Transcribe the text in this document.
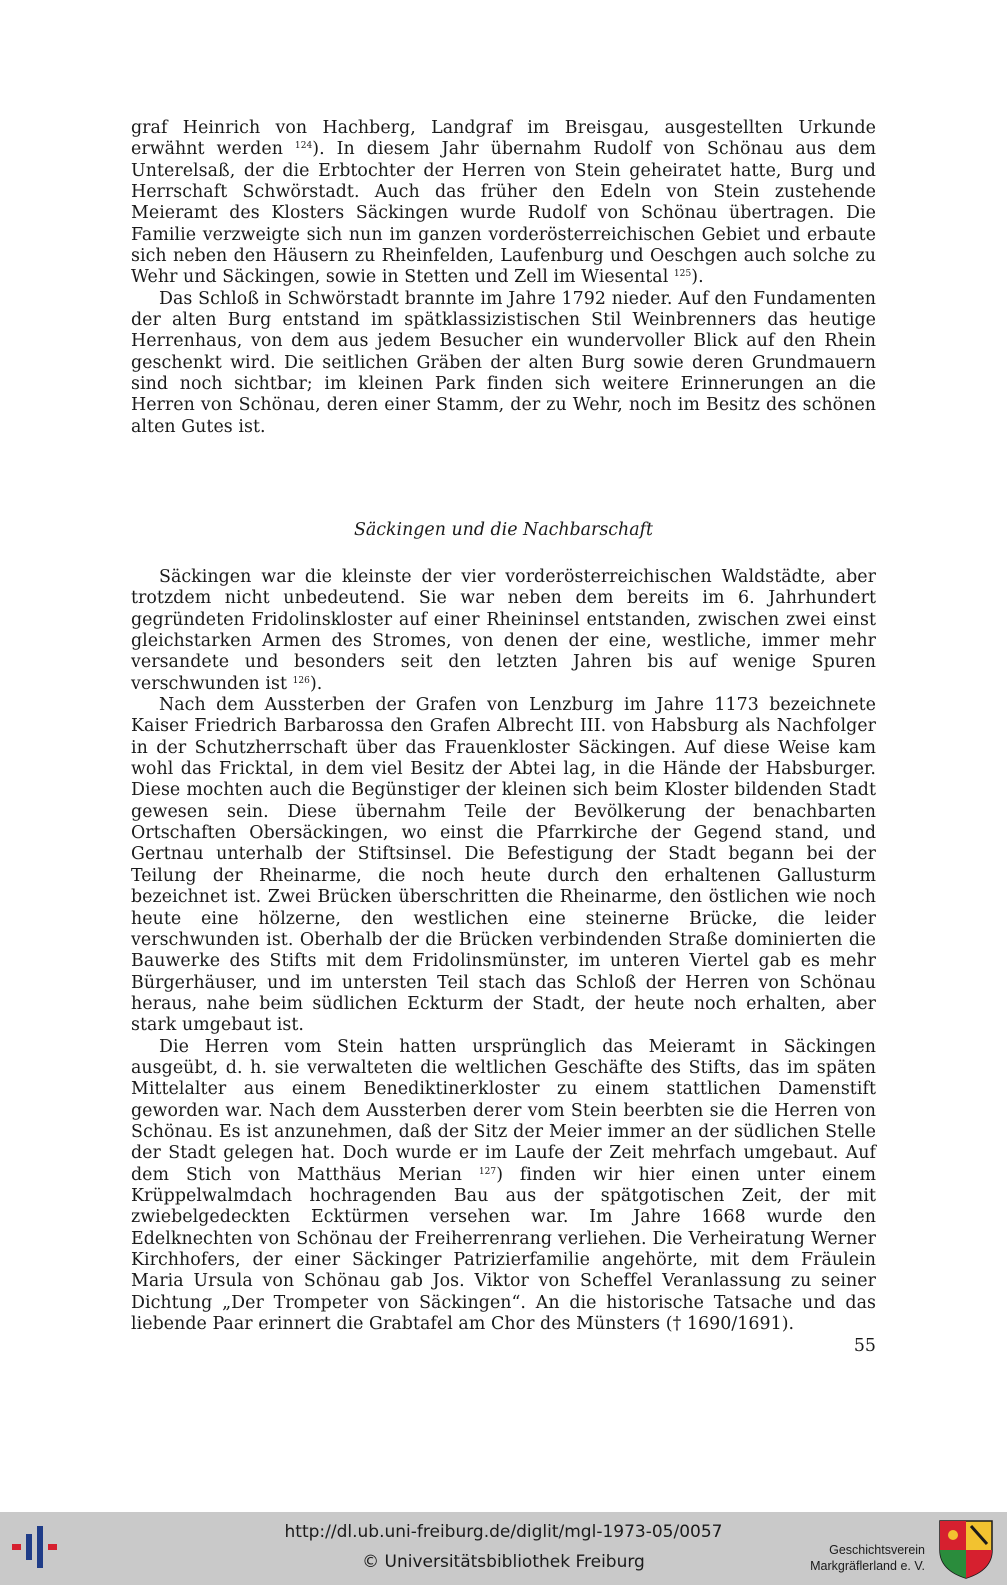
graf Heinrich von Hachberg, Landgraf im Breisgau, ausgestellten Urkunde erwähnt werden $^{124}$). In diesem Jahr übernahm Rudolf von Schönau aus dem Unterelsaß, der die Erbtochter der Herren von Stein geheiratet hatte, Burg und Herrschaft Schwörstadt. Auch das früher den Edeln von Stein zustehende Meieramt des Klosters Säckingen wurde Rudolf von Schönau übertragen. Die Familie verzweigte sich nun im ganzen vorderösterreichischen Gebiet und erbaute sich neben den Häusern zu Rheinfelden, Laufenburg und Oeschgen auch solche zu Wehr und Säckingen, sowie in Stetten und Zell im Wiesental $^{125}$).

Das Schloß in Schwörstadt brannte im Jahre 1792 nieder. Auf den Fundamenten der alten Burg entstand im spätklassizistischen Stil Weinbrenners das heutige Herrenhaus, von dem aus jedem Besucher ein wundervoller Blick auf den Rhein geschenkt wird. Die seitlichen Gräben der alten Burg sowie deren Grundmauern sind noch sichtbar; im kleinen Park finden sich weitere Erinnerungen an die Herren von Schönau, deren einer Stamm, der zu Wehr, noch im Besitz des schönen alten Gutes ist.

Säckingen und die Nachbarschaft

Säckingen war die kleinste der vier vorderösterreichischen Waldstädte, aber trotzdem nicht unbedeutend. Sie war neben dem bereits im 6. Jahrhundert gegründeten Fridolinskloster auf einer Rheininsel entstanden, zwischen zwei einst gleichstarken Armen des Stromes, von denen der eine, westliche, immer mehr versandete und besonders seit den letzten Jahren bis auf wenige Spuren verschwunden ist $^{126}$).

Nach dem Aussterben der Grafen von Lenzburg im Jahre 1173 bezeichnete Kaiser Friedrich Barbarossa den Grafen Albrecht III. von Habsburg als Nachfolger in der Schutzherrschaft über das Frauenkloster Säckingen. Auf diese Weise kam wohl das Fricktal, in dem viel Besitz der Abtei lag, in die Hände der Habsburger. Diese mochten auch die Begünstiger der kleinen sich beim Kloster bildenden Stadt gewesen sein. Diese übernahm Teile der Bevölkerung der benachbarten Ortschaften Obersäckingen, wo einst die Pfarrkirche der Gegend stand, und Gertnau unterhalb der Stiftsinsel. Die Befestigung der Stadt begann bei der Teilung der Rheinarme, die noch heute durch den erhaltenen Gallusturm bezeichnet ist. Zwei Brücken überschritten die Rheinarme, den östlichen wie noch heute eine hölzerne, den westlichen eine steinerne Brücke, die leider verschwunden ist. Oberhalb der die Brücken verbindenden Straße dominierten die Bauwerke des Stifts mit dem Fridolinsmünster, im unteren Viertel gab es mehr Bürgerhäuser, und im untersten Teil stach das Schloß der Herren von Schönau heraus, nahe beim südlichen Eckturm der Stadt, der heute noch erhalten, aber stark umgebaut ist.

Die Herren vom Stein hatten ursprünglich das Meieramt in Säckingen ausgeübt, d. h. sie verwalteten die weltlichen Geschäfte des Stifts, das im späten Mittelalter aus einem Benediktinerkloster zu einem stattlichen Damenstift geworden war. Nach dem Aussterben derer vom Stein beerbten sie die Herren von Schönau. Es ist anzunehmen, daß der Sitz der Meier immer an der südlichen Stelle der Stadt gelegen hat. Doch wurde er im Laufe der Zeit mehrfach umgebaut. Auf dem Stich von Matthäus Merian $^{127}$) finden wir hier einen unter einem Krüppelwalmdach hochragenden Bau aus der spätgotischen Zeit, der mit zwiebelgedeckten Ecktürmen versehen war. Im Jahre 1668 wurde den Edelknechten von Schönau der Freiherrenrang verliehen. Die Verheiratung Werner Kirchhofers, der einer Säckinger Patrizierfamilie angehörte, mit dem Fräulein Maria Ursula von Schönau gab Jos. Viktor von Scheffel Veranlassung zu seiner Dichtung „Der Trompeter von Säckingen“. An die historische Tatsache und das liebende Paar erinnert die Grabtafel am Chor des Münsters († 1690/1691).

55
http://dl.ub.uni-freiburg.de/diglit/mgl-1973-05/0057
© Universitätsbibliothek Freiburg
Geschichtsverein
Markgräflerland e. V.
